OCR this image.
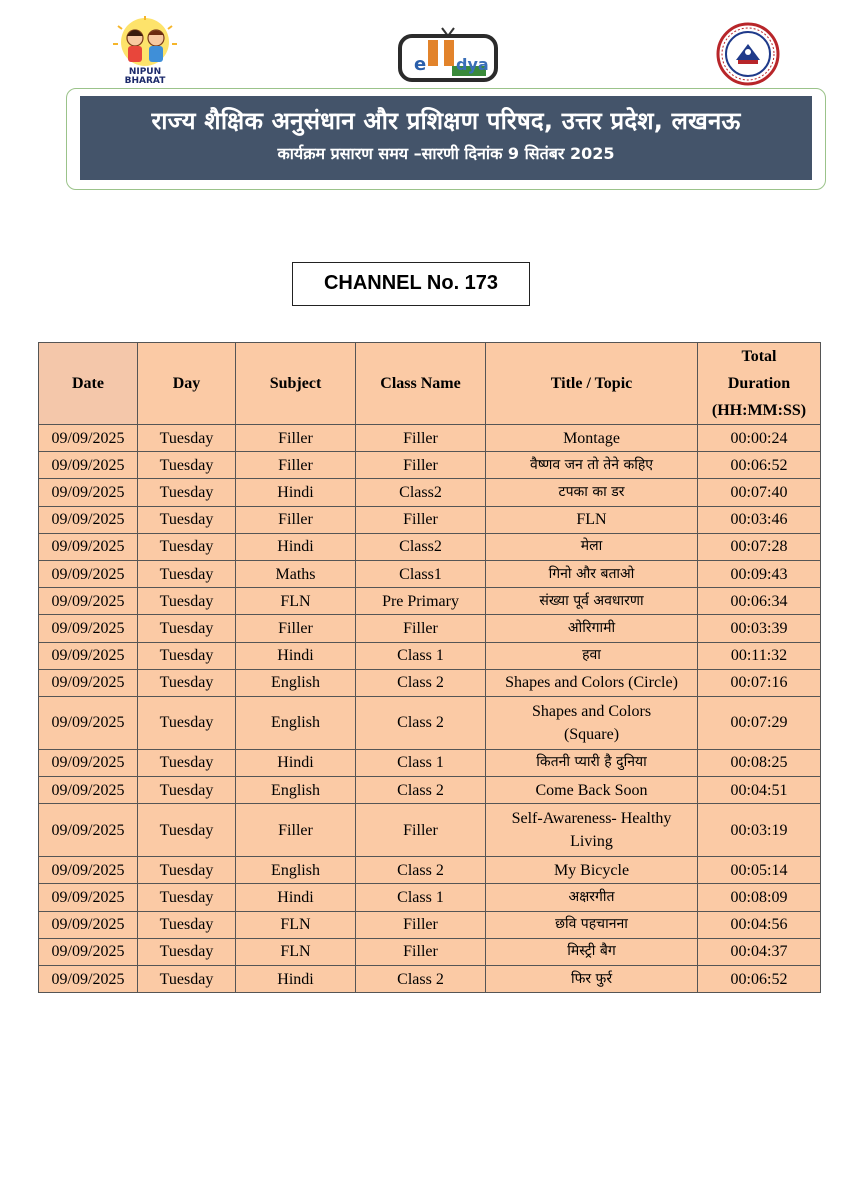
NIPUN
BHARAT
e dya
राज्य शैक्षिक अनुसंधान और प्रशिक्षण परिषद, उत्तर प्रदेश, लखनऊ
कार्यक्रम प्रसारण समय –सारणी दिनांक 9 सितंबर 2025
CHANNEL No. 173
Date	Day	Subject	Class Name	Title / Topic	Total
Duration
(HH:MM:SS)
09/09/2025	Tuesday	Filler	Filler	Montage	00:00:24
09/09/2025	Tuesday	Filler	Filler	वैष्णव जन तो तेने कहिए	00:06:52
09/09/2025	Tuesday	Hindi	Class2	टपका का डर	00:07:40
09/09/2025	Tuesday	Filler	Filler	FLN	00:03:46
09/09/2025	Tuesday	Hindi	Class2	मेला	00:07:28
09/09/2025	Tuesday	Maths	Class1	गिनो और बताओ	00:09:43
09/09/2025	Tuesday	FLN	Pre Primary	संख्या पूर्व अवधारणा	00:06:34
09/09/2025	Tuesday	Filler	Filler	ओरिगामी	00:03:39
09/09/2025	Tuesday	Hindi	Class 1	हवा	00:11:32
09/09/2025	Tuesday	English	Class 2	Shapes and Colors (Circle)	00:07:16
09/09/2025	Tuesday	English	Class 2	Shapes and Colors
(Square)	00:07:29
09/09/2025	Tuesday	Hindi	Class 1	कितनी प्यारी है दुनिया	00:08:25
09/09/2025	Tuesday	English	Class 2	Come Back Soon	00:04:51
09/09/2025	Tuesday	Filler	Filler	Self-Awareness- Healthy
Living	00:03:19
09/09/2025	Tuesday	English	Class 2	My Bicycle	00:05:14
09/09/2025	Tuesday	Hindi	Class 1	अक्षरगीत	00:08:09
09/09/2025	Tuesday	FLN	Filler	छवि पहचानना	00:04:56
09/09/2025	Tuesday	FLN	Filler	मिस्ट्री बैग	00:04:37
09/09/2025	Tuesday	Hindi	Class 2	फिर फुर्र	00:06:52
